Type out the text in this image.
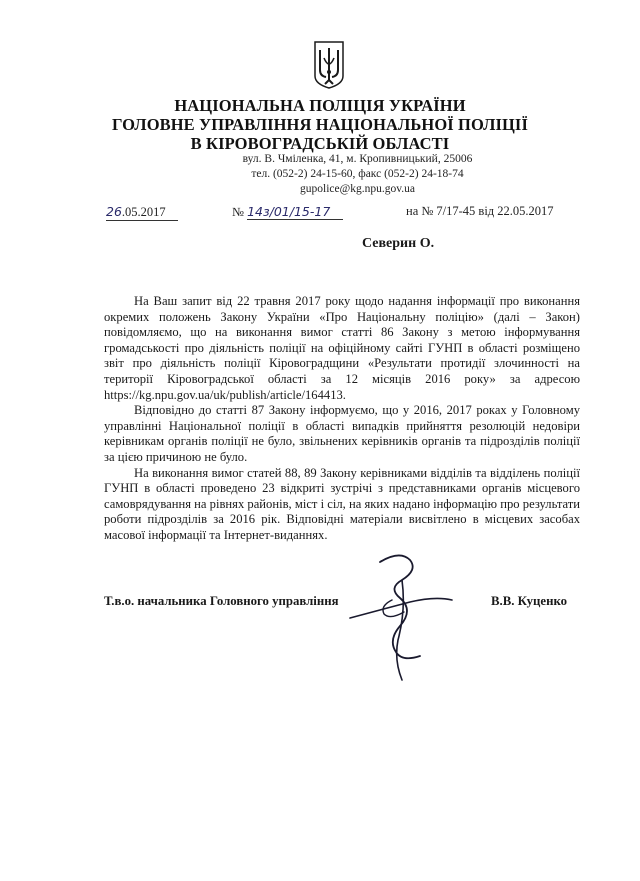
НАЦІОНАЛЬНА ПОЛІЦІЯ УКРАЇНИ
ГОЛОВНЕ УПРАВЛІННЯ НАЦІОНАЛЬНОЇ ПОЛІЦІЇ
В КІРОВОГРАДСЬКІЙ ОБЛАСТІ
вул. В. Чміленка, 41, м. Кропивницький, 25006
тел. (052-2) 24-15-60, факс (052-2) 24-18-74
gupolice@kg.npu.gov.ua
26.05.2017	№ 14з/01/15-17	на № 7/17-45 від 22.05.2017
Северин О.

На Ваш запит від 22 травня 2017 року щодо надання інформації про виконання окремих положень Закону України «Про Національну поліцію» (далі – Закон) повідомляємо, що на виконання вимог статті 86 Закону з метою інформування громадськості про діяльність поліції на офіційному сайті ГУНП в області розміщено звіт про діяльність поліції Кіровоградщини «Результати протидії злочинності на території Кіровоградської області за 12 місяців 2016 року» за адресою https://kg.npu.gov.ua/uk/publish/article/164413.

Відповідно до статті 87 Закону інформуємо, що у 2016, 2017 роках у Головному управлінні Національної поліції в області випадків прийняття резолюцій недовіри керівникам органів поліції не було, звільнених керівників органів та підрозділів поліції за цією причиною не було.

На виконання вимог статей 88, 89 Закону керівниками відділів та відділень поліції ГУНП в області проведено 23 відкриті зустрічі з представниками органів місцевого самоврядування на рівнях районів, міст і сіл, на яких надано інформацію про результати роботи підрозділів за 2016 рік. Відповідні матеріали висвітлено в місцевих засобах масової інформації та Інтернет-виданнях.

Т.в.о. начальника Головного управління	В.В. Куценко
